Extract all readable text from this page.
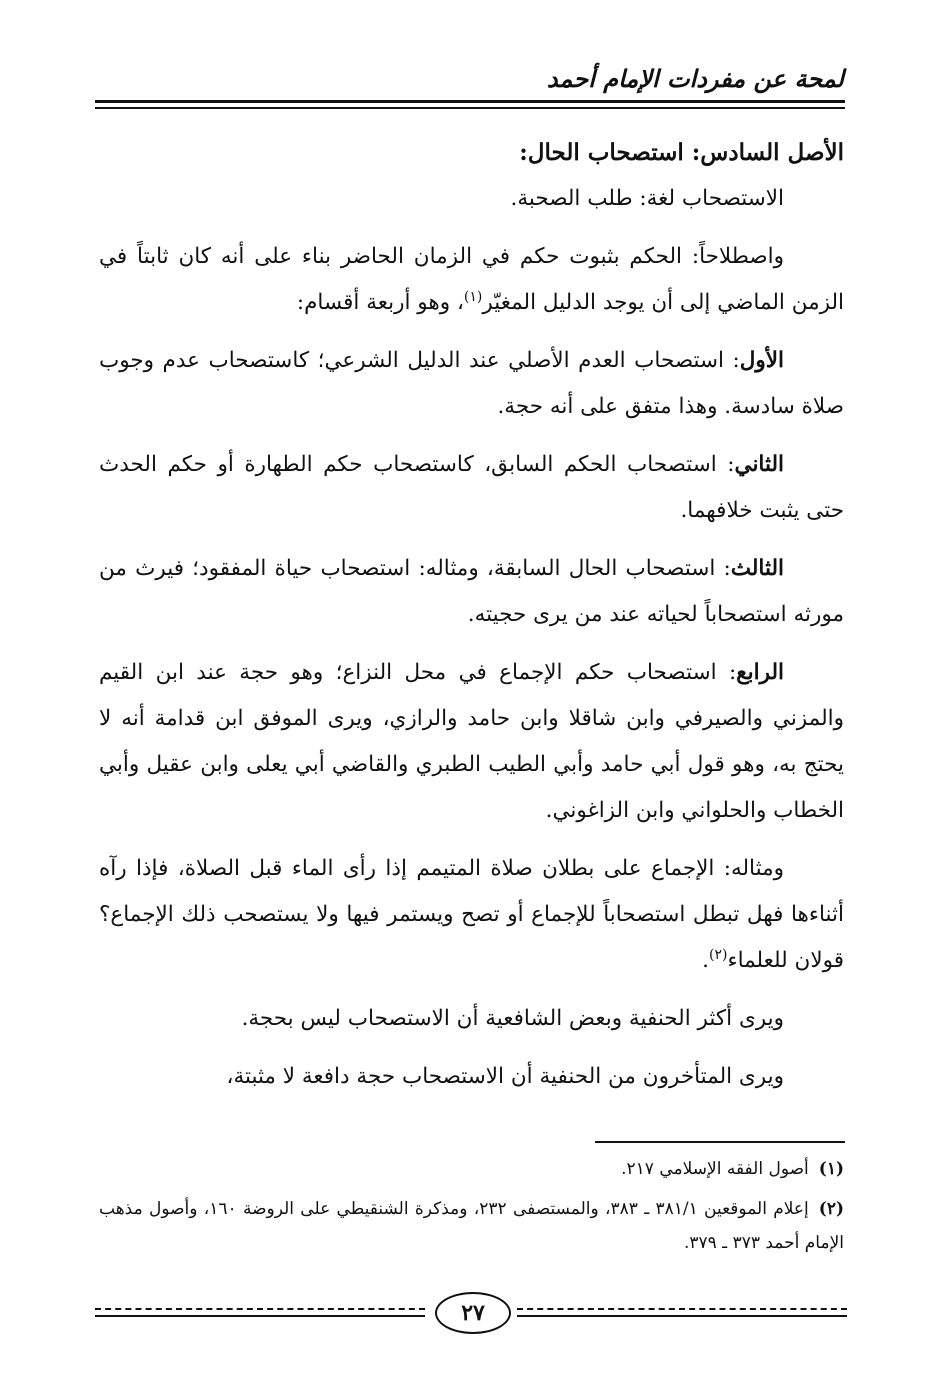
لمحة عن مفردات الإمام أحمد

الأصل السادس: استصحاب الحال:

الاستصحاب لغة: طلب الصحبة.

واصطلاحاً: الحكم بثبوت حكم في الزمان الحاضر بناء على أنه كان ثابتاً في الزمن الماضي إلى أن يوجد الدليل المغيّر$^{(١)}$، وهو أربعة أقسام:

الأول: استصحاب العدم الأصلي عند الدليل الشرعي؛ كاستصحاب عدم وجوب صلاة سادسة. وهذا متفق على أنه حجة.

الثاني: استصحاب الحكم السابق، كاستصحاب حكم الطهارة أو حكم الحدث حتى يثبت خلافهما.

الثالث: استصحاب الحال السابقة، ومثاله: استصحاب حياة المفقود؛ فيرث من مورثه استصحاباً لحياته عند من يرى حجيته.

الرابع: استصحاب حكم الإجماع في محل النزاع؛ وهو حجة عند ابن القيم والمزني والصيرفي وابن شاقلا وابن حامد والرازي، ويرى الموفق ابن قدامة أنه لا يحتج به، وهو قول أبي حامد وأبي الطيب الطبري والقاضي أبي يعلى وابن عقيل وأبي الخطاب والحلواني وابن الزاغوني.

ومثاله: الإجماع على بطلان صلاة المتيمم إذا رأى الماء قبل الصلاة، فإذا رآه أثناءها فهل تبطل استصحاباً للإجماع أو تصح ويستمر فيها ولا يستصحب ذلك الإجماع؟ قولان للعلماء$^{(٢)}$.

ويرى أكثر الحنفية وبعض الشافعية أن الاستصحاب ليس بحجة.

ويرى المتأخرون من الحنفية أن الاستصحاب حجة دافعة لا مثبتة،

(١)أصول الفقه الإسلامي ٢١٧.

(٢)إعلام الموقعين ٣٨١/١ ـ ٣٨٣، والمستصفى ٢٣٢، ومذكرة الشنقيطي على الروضة ١٦٠، وأصول مذهب الإمام أحمد ٣٧٣ ـ ٣٧٩.

٢٧
